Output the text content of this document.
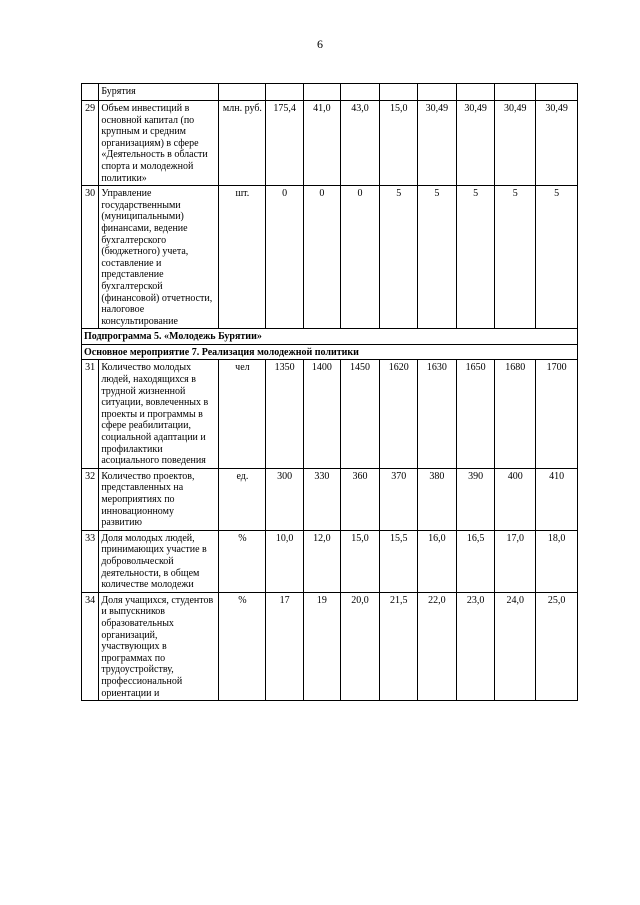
6
	Бурятия									
29	Объем инвестиций в основной капитал (по крупным и средним организациям) в сфере «Деятельность в области спорта и молодежной политики»	млн. руб.	175,4	41,0	43,0	15,0	30,49	30,49	30,49	30,49
30	Управление государственными (муниципальными) финансами, ведение бухгалтерского (бюджетного) учета, составление и представление бухгалтерской (финансовой) отчетности, налоговое консультирование	шт.	0	0	0	5	5	5	5	5
Подпрограмма 5. «Молодежь Бурятии»										
Основное мероприятие 7. Реализация молодежной политики										
31	Количество молодых людей, находящихся в трудной жизненной ситуации, вовлеченных в проекты и программы в сфере реабилитации, социальной адаптации и профилактики асоциального поведения	чел	1350	1400	1450	1620	1630	1650	1680	1700
32	Количество проектов, представленных на мероприятиях по инновационному развитию	ед.	300	330	360	370	380	390	400	410
33	Доля молодых людей, принимающих участие в добровольческой деятельности, в общем количестве молодежи	%	10,0	12,0	15,0	15,5	16,0	16,5	17,0	18,0
34	Доля учащихся, студентов и выпускников образовательных организаций, участвующих в программах по трудоустройству, профессиональной ориентации и	%	17	19	20,0	21,5	22,0	23,0	24,0	25,0
